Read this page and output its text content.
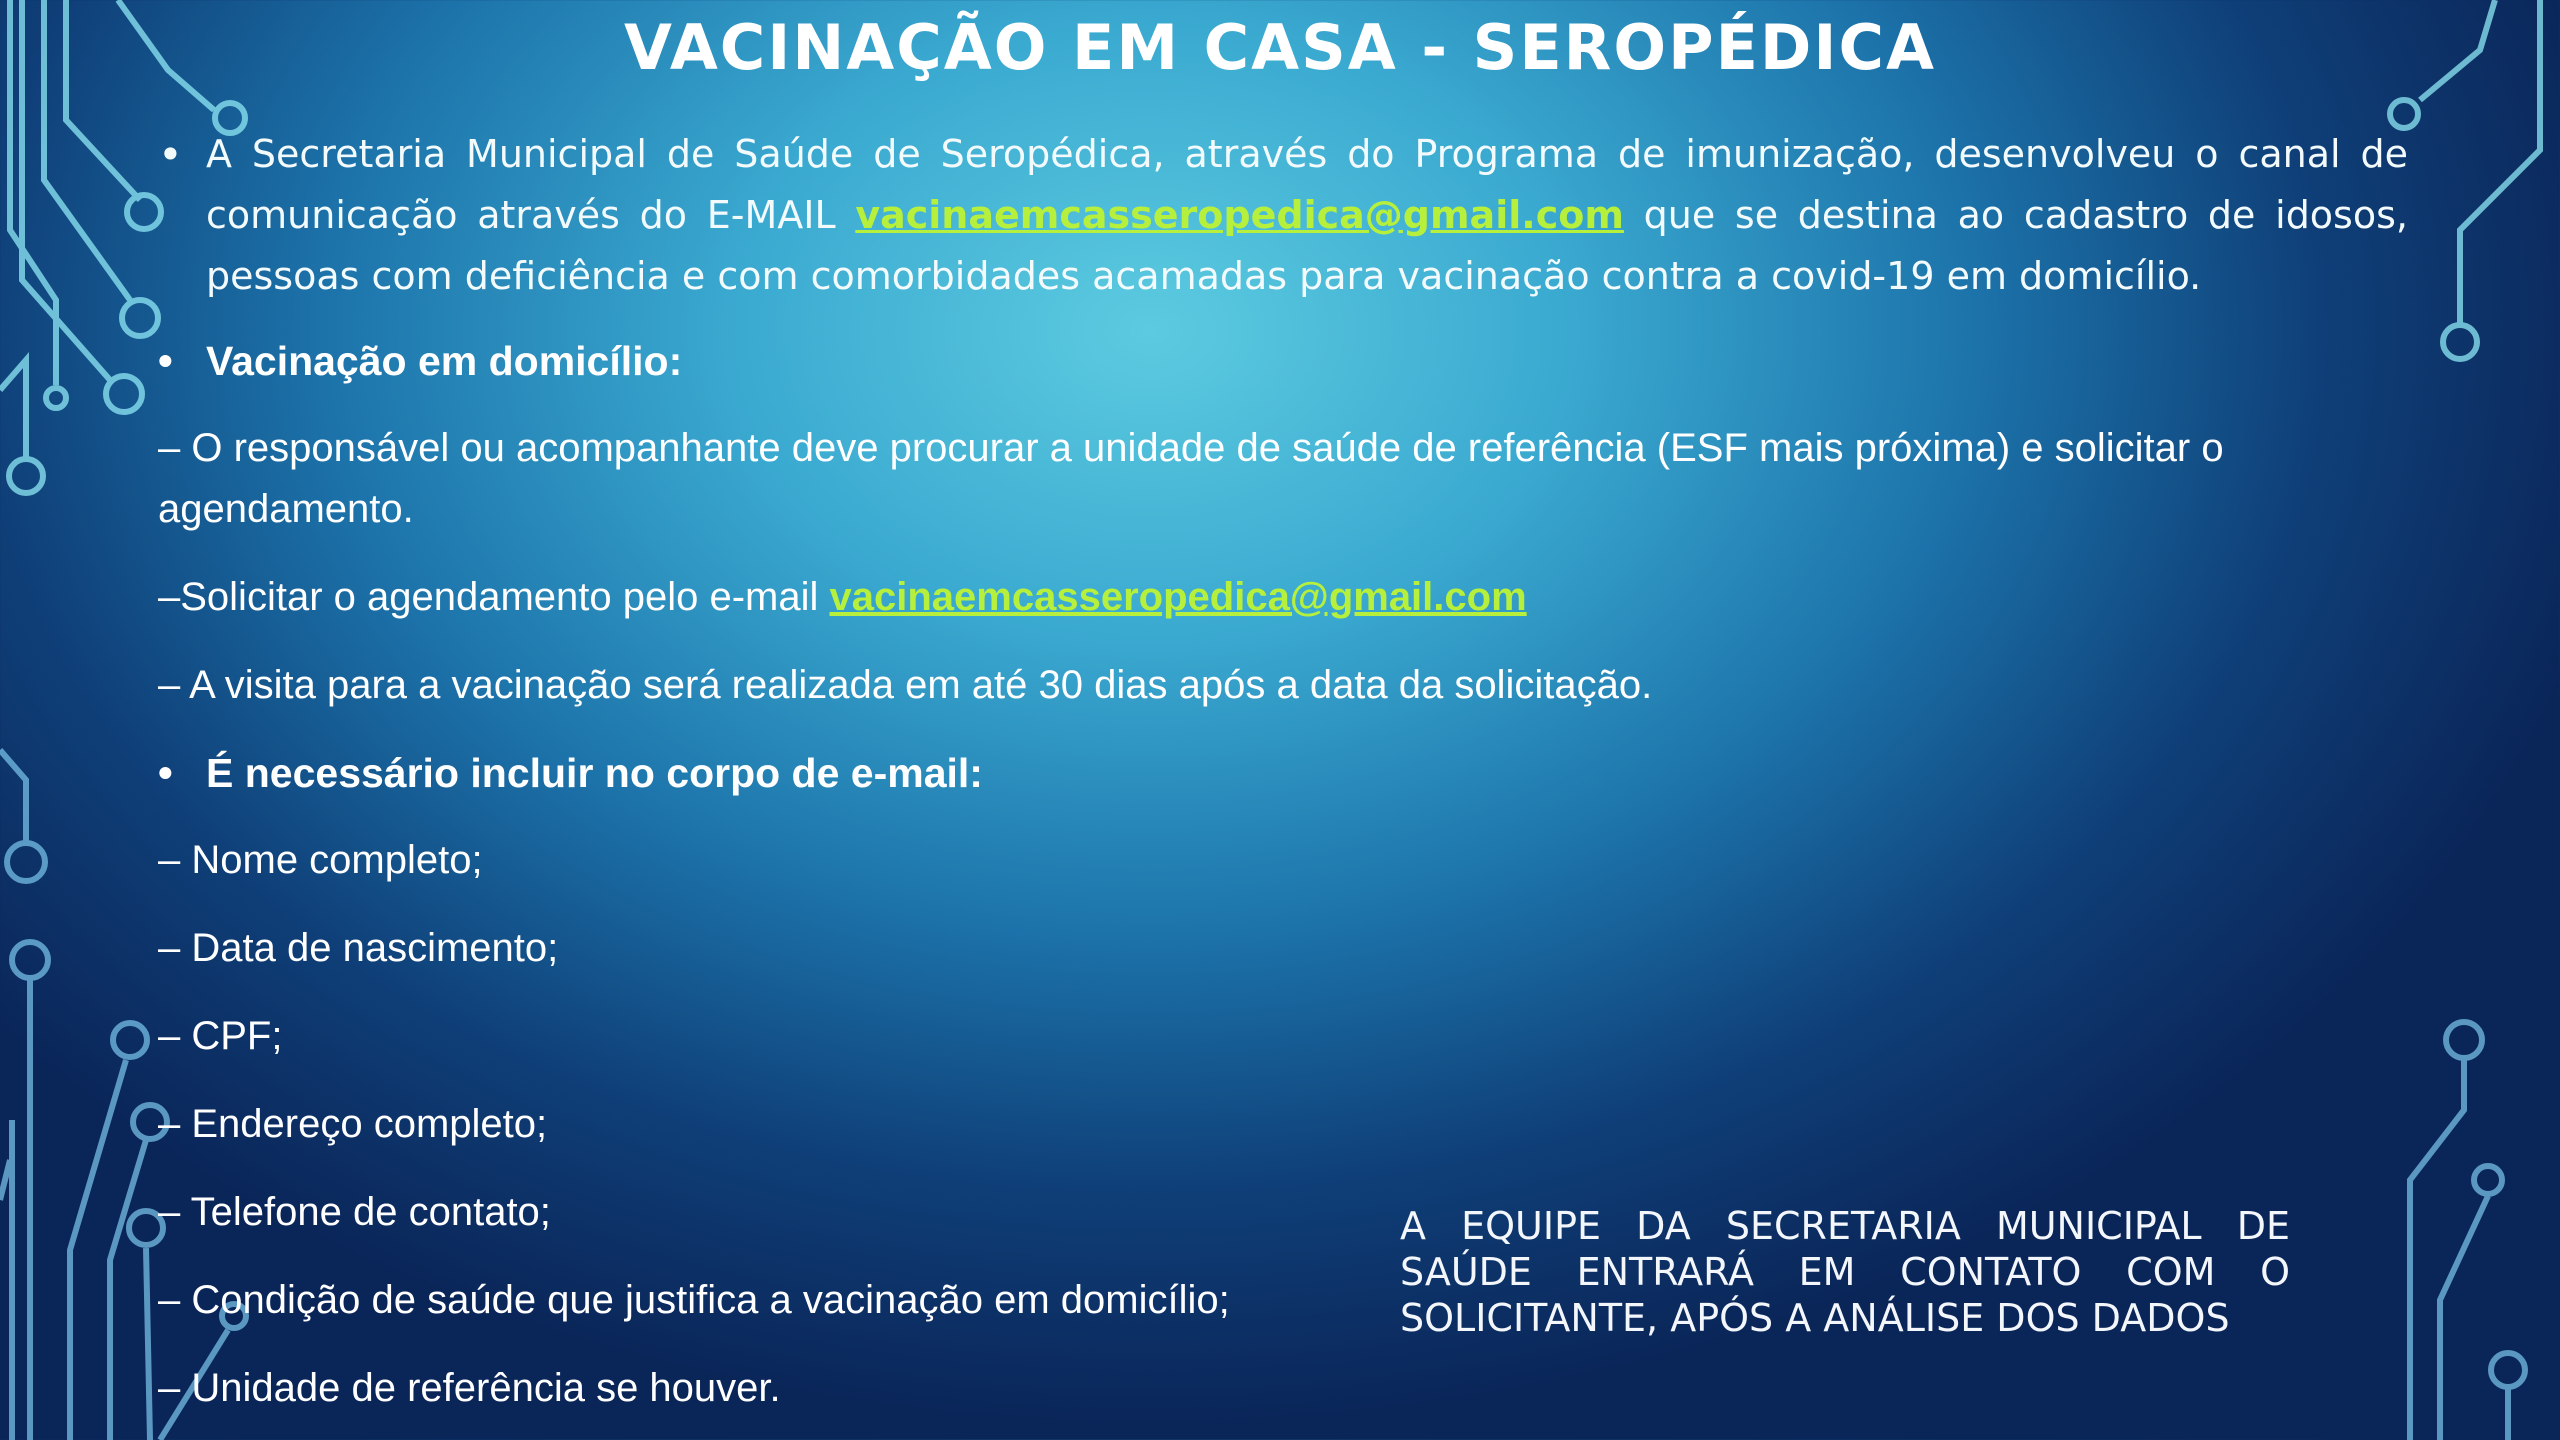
VACINAÇÃO EM CASA - SEROPÉDICA
• A Secretaria Municipal de Saúde de Seropédica, através do Programa de imunização, desenvolveu o canal de comunicação através do E-MAIL vacinaemcasseropedica@gmail.com que se destina ao cadastro de idosos, pessoas com deficiência e com comorbidades acamadas para vacinação contra a covid-19 em domicílio.
• Vacinação em domicílio:

– O responsável ou acompanhante deve procurar a unidade de saúde de referência (ESF mais próxima) e solicitar o agendamento.

–Solicitar o agendamento pelo e-mail vacinaemcasseropedica@gmail.com

– A visita para a vacinação será realizada em até 30 dias após a data da solicitação.

• É necessário incluir no corpo de e-mail:
– Nome completo;
– Data de nascimento;
– CPF;
– Endereço completo;
– Telefone de contato;
– Condição de saúde que justifica a vacinação em domicílio;
– Unidade de referência se houver.
A EQUIPE DA SECRETARIA MUNICIPAL DE SAÚDE ENTRARÁ EM CONTATO COM O SOLICITANTE, APÓS A ANÁLISE DOS DADOS
